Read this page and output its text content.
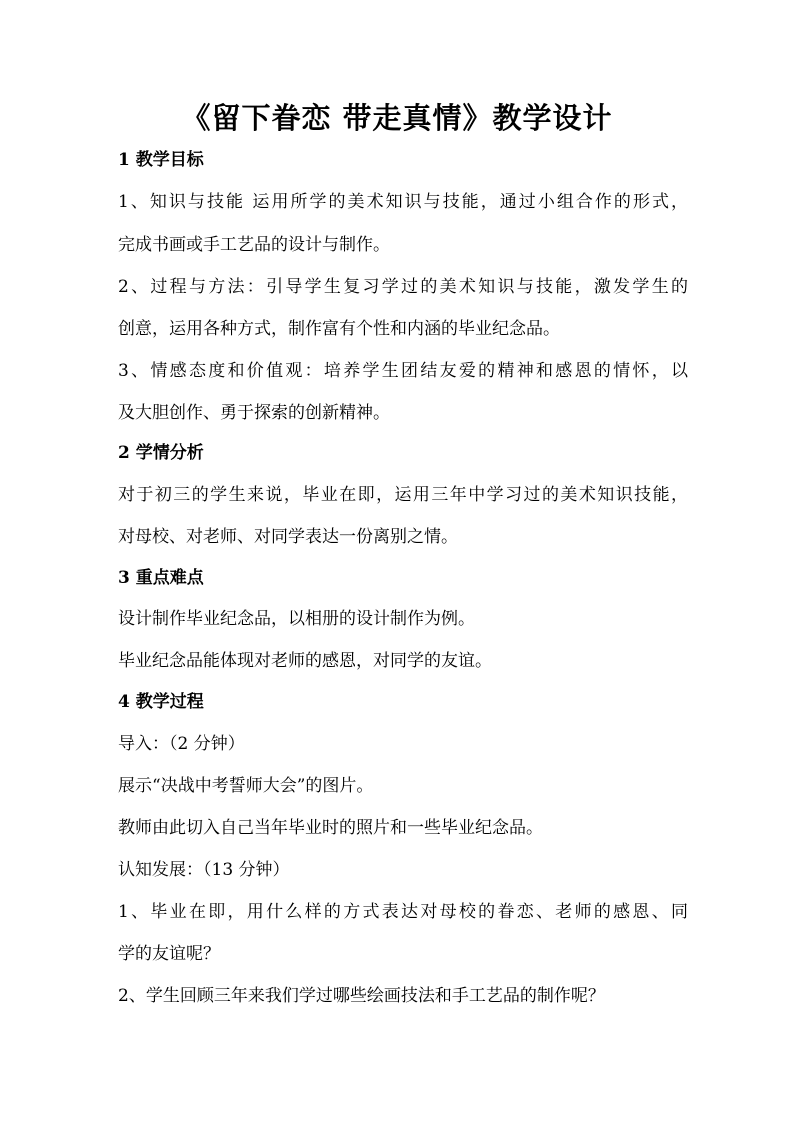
《留下眷恋 带走真情》教学设计
1 教学目标
1、知识与技能 运用所学的美术知识与技能，通过小组合作的形式，
完成书画或手工艺品的设计与制作。
2、过程与方法：引导学生复习学过的美术知识与技能，激发学生的
创意，运用各种方式，制作富有个性和内涵的毕业纪念品。
3、情感态度和价值观：培养学生团结友爱的精神和感恩的情怀，以
及大胆创作、勇于探索的创新精神。
2 学情分析
对于初三的学生来说，毕业在即，运用三年中学习过的美术知识技能，
对母校、对老师、对同学表达一份离别之情。
3 重点难点
设计制作毕业纪念品，以相册的设计制作为例。
毕业纪念品能体现对老师的感恩，对同学的友谊。
4 教学过程
导入：（2 分钟）
展示“决战中考誓师大会”的图片。
教师由此切入自己当年毕业时的照片和一些毕业纪念品。
认知发展：（13 分钟）
1、毕业在即，用什么样的方式表达对母校的眷恋、老师的感恩、同
学的友谊呢？
2、学生回顾三年来我们学过哪些绘画技法和手工艺品的制作呢？
